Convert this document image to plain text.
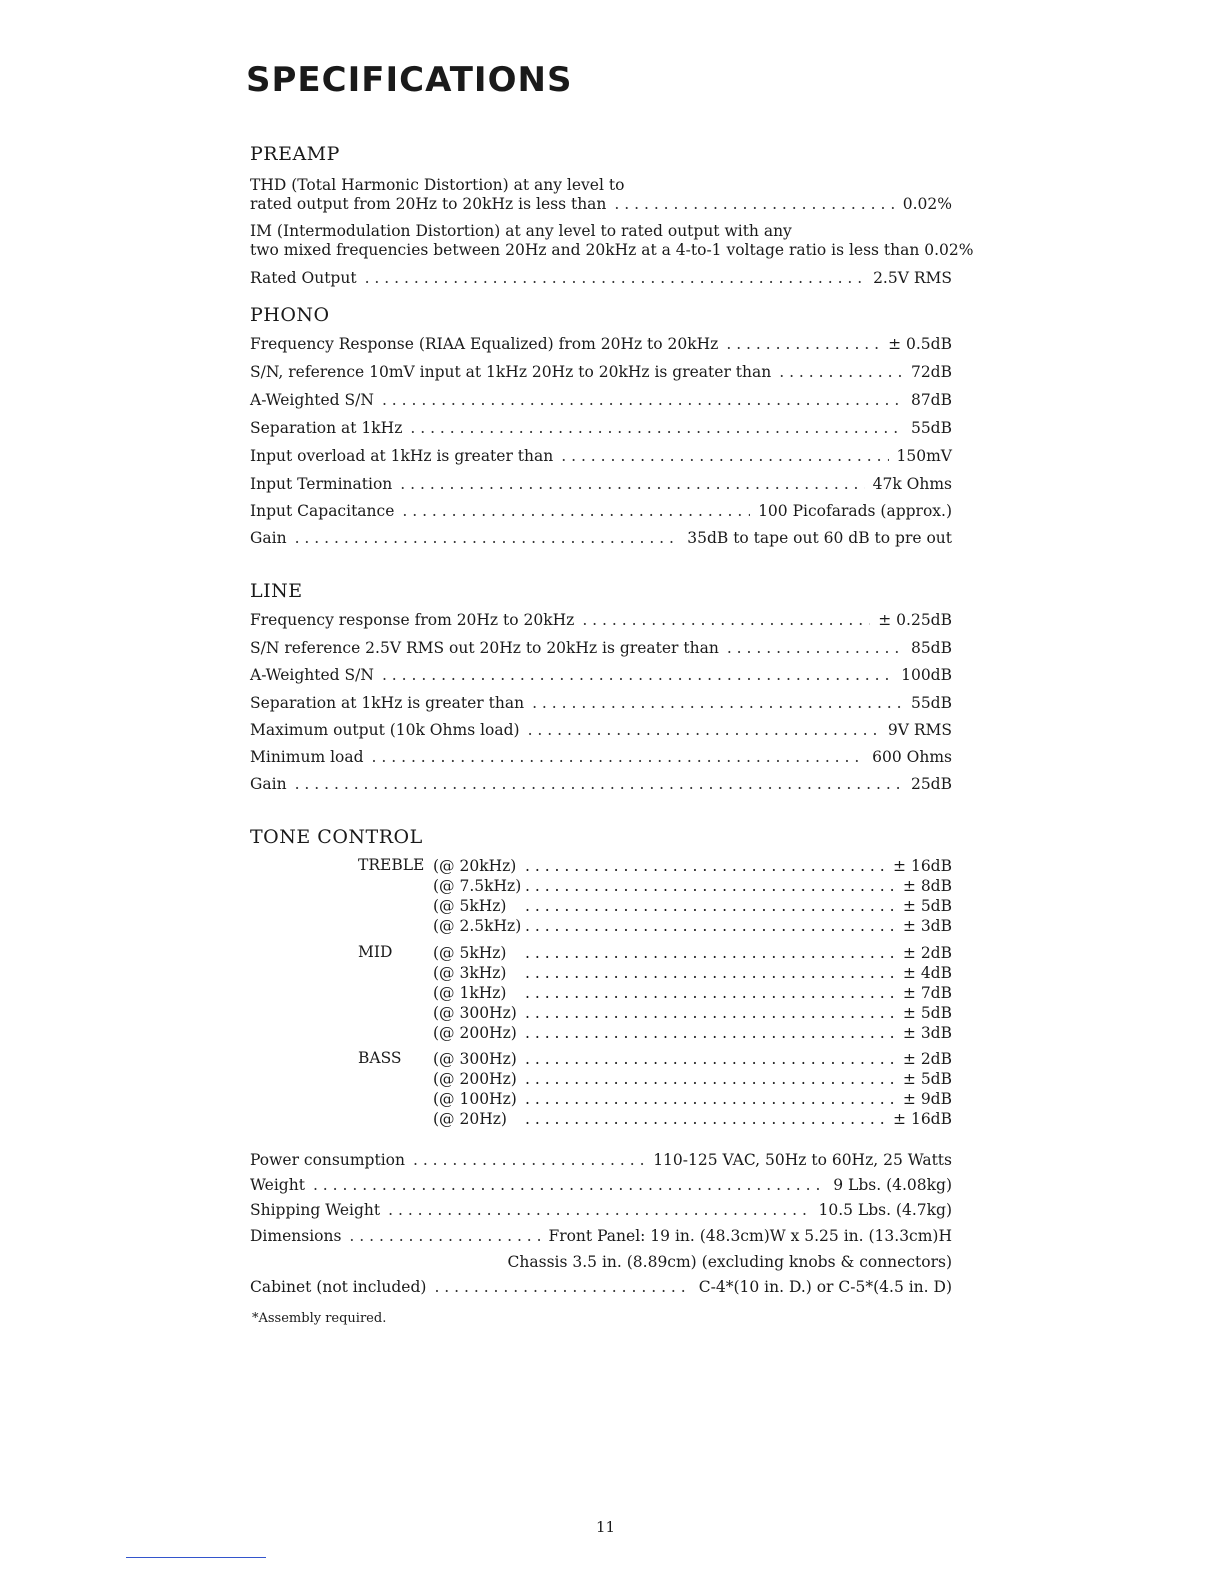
SPECIFICATIONS
PREAMP
THD (Total Harmonic Distortion) at any level to
rated output from 20Hz to 20kHz is less than . . .	0.02%
IM (Intermodulation Distortion) at any level to rated output with any
two mixed frequencies between 20Hz and 20kHz at a 4-to-1 voltage ratio is less than 0.02%
Rated Output . . .	2.5V RMS
PHONO
Frequency Response (RIAA Equalized) from 20Hz to 20kHz . . .	± 0.5dB
S/N, reference 10mV input at 1kHz 20Hz to 20kHz is greater than . . .	72dB
A-Weighted S/N . . .	87dB
Separation at 1kHz . . .	55dB
Input overload at 1kHz is greater than . . .	150mV
Input Termination . . .	47k Ohms
Input Capacitance . . .	100 Picofarads (approx.)
Gain . . .	35dB to tape out 60 dB to pre out
LINE
Frequency response from 20Hz to 20kHz . . .	± 0.25dB
S/N reference 2.5V RMS out 20Hz to 20kHz is greater than . . .	85dB
A-Weighted S/N . . .	100dB
Separation at 1kHz is greater than . . .	55dB
Maximum output (10k Ohms load) . . .	9V RMS
Minimum load . . .	600 Ohms
Gain . . .	25dB
TONE CONTROL
TREBLE (@ 20kHz) . . .	± 16dB
(@ 7.5kHz) . . .	± 8dB
(@ 5kHz) . . .	± 5dB
(@ 2.5kHz) . . .	± 3dB
MID	(@ 5kHz) . . .	± 2dB
(@ 3kHz) . . .	± 4dB
(@ 1kHz) . . .	± 7dB
(@ 300Hz) . . .	± 5dB
(@ 200Hz) . . .	± 3dB
BASS (@ 300Hz) . . .	± 2dB
(@ 200Hz) . . .	± 5dB
(@ 100Hz) . . .	± 9dB
(@ 20Hz) . . .	± 16dB
Power consumption . . .	110-125 VAC, 50Hz to 60Hz, 25 Watts
Weight . . .	9 Lbs. (4.08kg)
Shipping Weight . . .	10.5 Lbs. (4.7kg)
Dimensions . . .	Front Panel: 19 in. (48.3cm)W x 5.25 in. (13.3cm)H
Chassis 3.5 in. (8.89cm) (excluding knobs & connectors)
Cabinet (not included) . . .	C-4*(10 in. D.) or C-5*(4.5 in. D)
*Assembly required.
11
